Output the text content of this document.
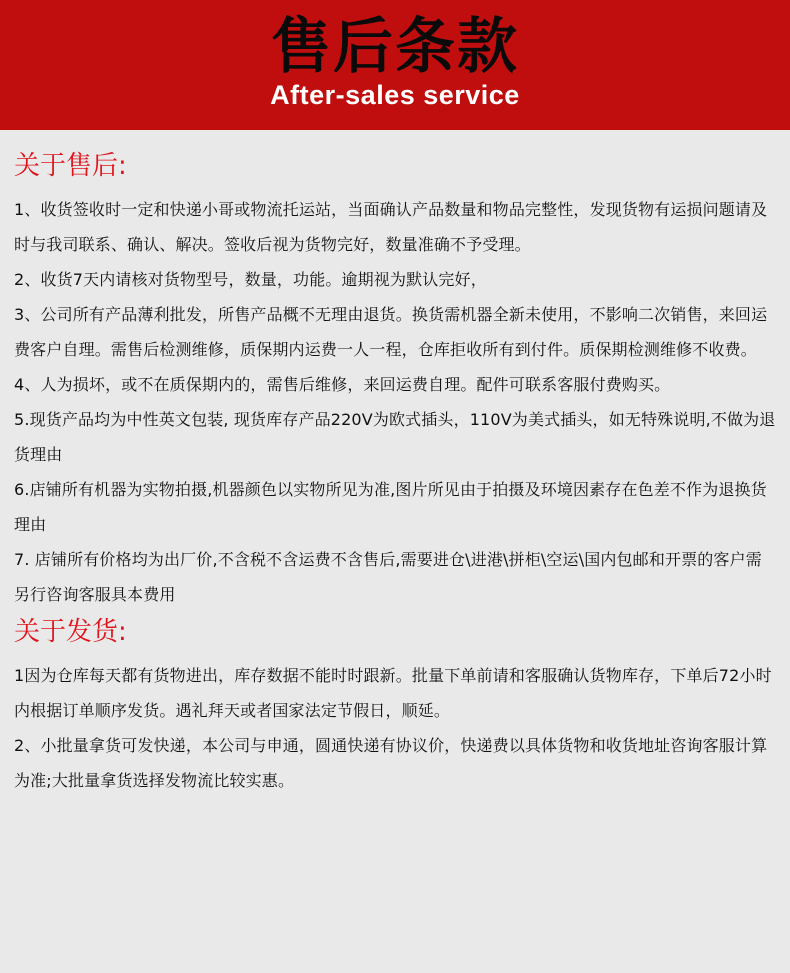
售后条款
After-sales service
关于售后:

1、收货签收时一定和快递小哥或物流托运站，当面确认产品数量和物品完整性，发现货物有运损问题请及时与我司联系、确认、解决。签收后视为货物完好，数量准确不予受理。

2、收货7天内请核对货物型号，数量，功能。逾期视为默认完好，

3、公司所有产品薄利批发，所售产品概不无理由退货。换货需机器全新未使用，不影响二次销售，来回运费客户自理。需售后检测维修，质保期内运费一人一程，仓库拒收所有到付件。质保期检测维修不收费。

4、人为损坏，或不在质保期内的，需售后维修，来回运费自理。配件可联系客服付费购买。

5.现货产品均为中性英文包装, 现货库存产品220V为欧式插头，110V为美式插头，如无特殊说明,不做为退货理由

6.店铺所有机器为实物拍摄,机器颜色以实物所见为准,图片所见由于拍摄及环境因素存在色差不作为退换货理由

7. 店铺所有价格均为出厂价,不含税不含运费不含售后,需要进仓\进港\拼柜\空运\国内包邮和开票的客户需另行咨询客服具本费用

关于发货:

1因为仓库每天都有货物进出，库存数据不能时时跟新。批量下单前请和客服确认货物库存，下单后72小时内根据订单顺序发货。遇礼拜天或者国家法定节假日，顺延。

2、小批量拿货可发快递，本公司与申通，圆通快递有协议价，快递费以具体货物和收货地址咨询客服计算为准;大批量拿货选择发物流比较实惠。
